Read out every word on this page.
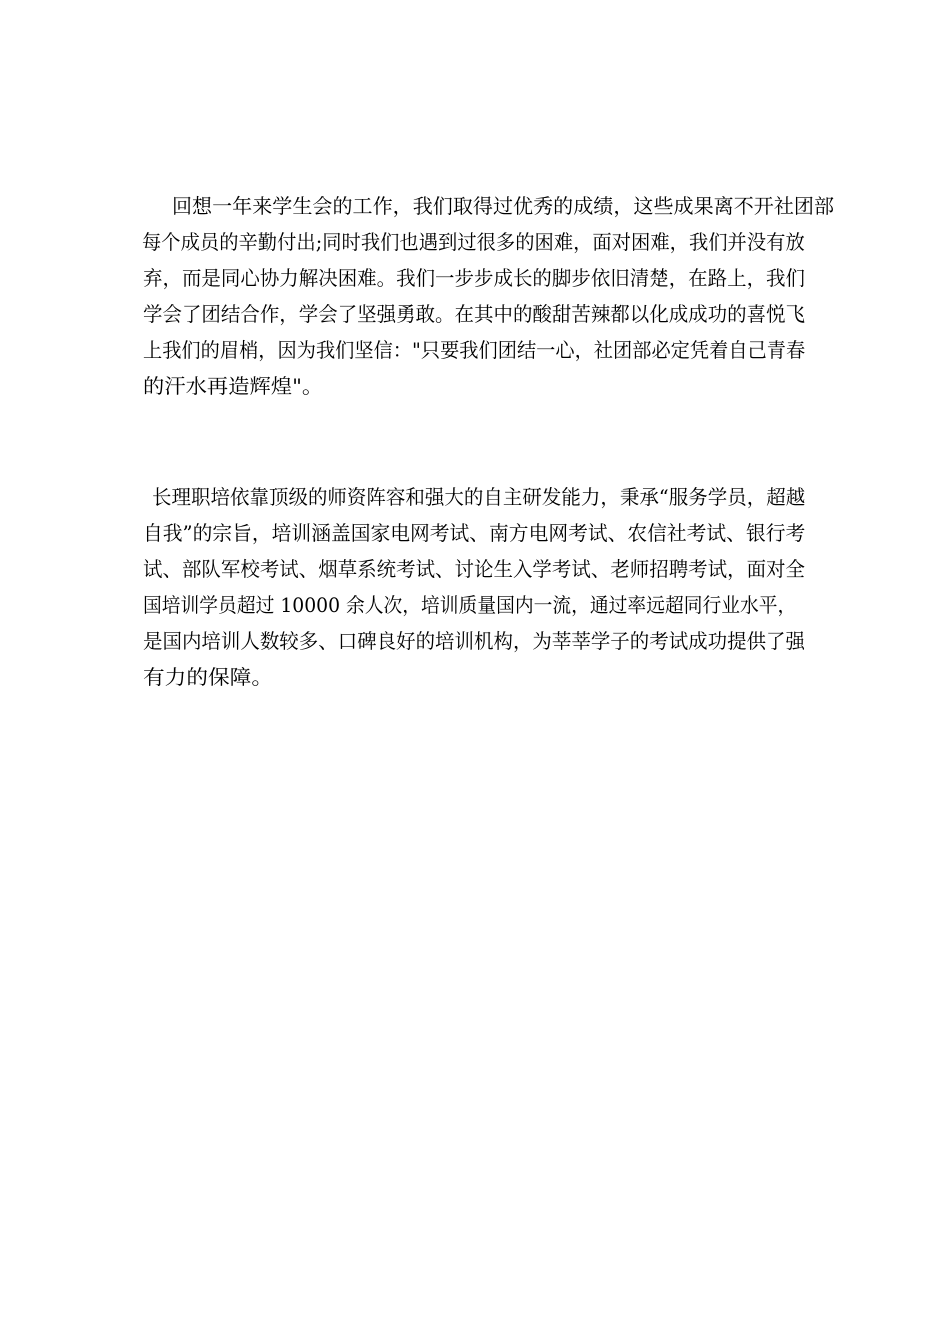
回想一年来学生会的工作，我们取得过优秀的成绩，这些成果离不开社团部
每个成员的辛勤付出;同时我们也遇到过很多的困难，面对困难，我们并没有放
弃，而是同心协力解决困难。我们一步步成长的脚步依旧清楚，在路上，我们
学会了团结合作，学会了坚强勇敢。在其中的酸甜苦辣都以化成成功的喜悦飞
上我们的眉梢，因为我们坚信："只要我们团结一心，社团部必定凭着自己青春
的汗水再造辉煌"。
长理职培依靠顶级的师资阵容和强大的自主研发能力，秉承“服务学员，超越
自我”的宗旨，培训涵盖国家电网考试、南方电网考试、农信社考试、银行考
试、部队军校考试、烟草系统考试、讨论生入学考试、老师招聘考试，面对全
国培训学员超过 10000 余人次，培训质量国内一流，通过率远超同行业水平，
是国内培训人数较多、口碑良好的培训机构，为莘莘学子的考试成功提供了强
有力的保障。
